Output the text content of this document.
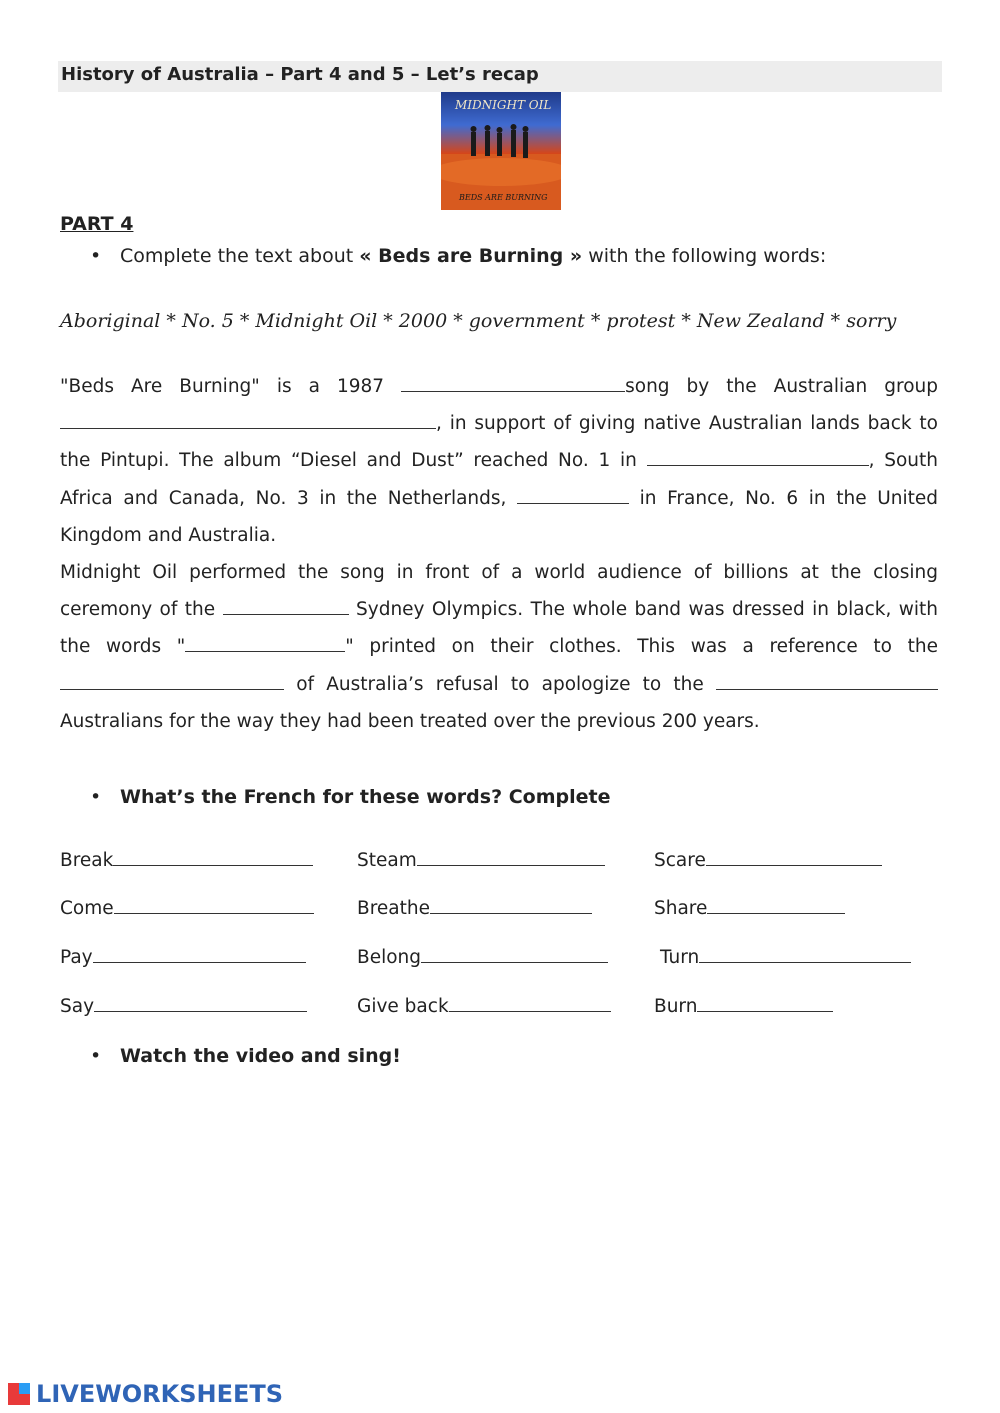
History of Australia – Part 4 and 5 – Let’s recap
MIDNIGHT OIL
BEDS ARE BURNING
PART 4
• Complete the text about « Beds are Burning » with the following words:
Aboriginal * No. 5 * Midnight Oil * 2000 * government * protest * New Zealand * sorry
"Beds Are Burning" is a 1987	song by the Australian group
, in support of giving native Australian lands back to
the Pintupi. The album “Diesel and Dust” reached No. 1 in	, South
Africa and Canada, No. 3 in the Netherlands,	in France, No. 6 in the United
Kingdom and Australia.
Midnight Oil performed the song in front of a world audience of billions at the closing
ceremony of the	Sydney Olympics. The whole band was dressed in black, with
the words "	" printed on their clothes. This was a reference to the
of Australia’s refusal to apologize to the
Australians for the way they had been treated over the previous 200 years.
• What’s the French for these words? Complete
Break	Steam	Scare
Come	Breathe	Share
Pay	Belong	Turn
Say	Give back	Burn
• Watch the video and sing!
LIVEWORKSHEETS
